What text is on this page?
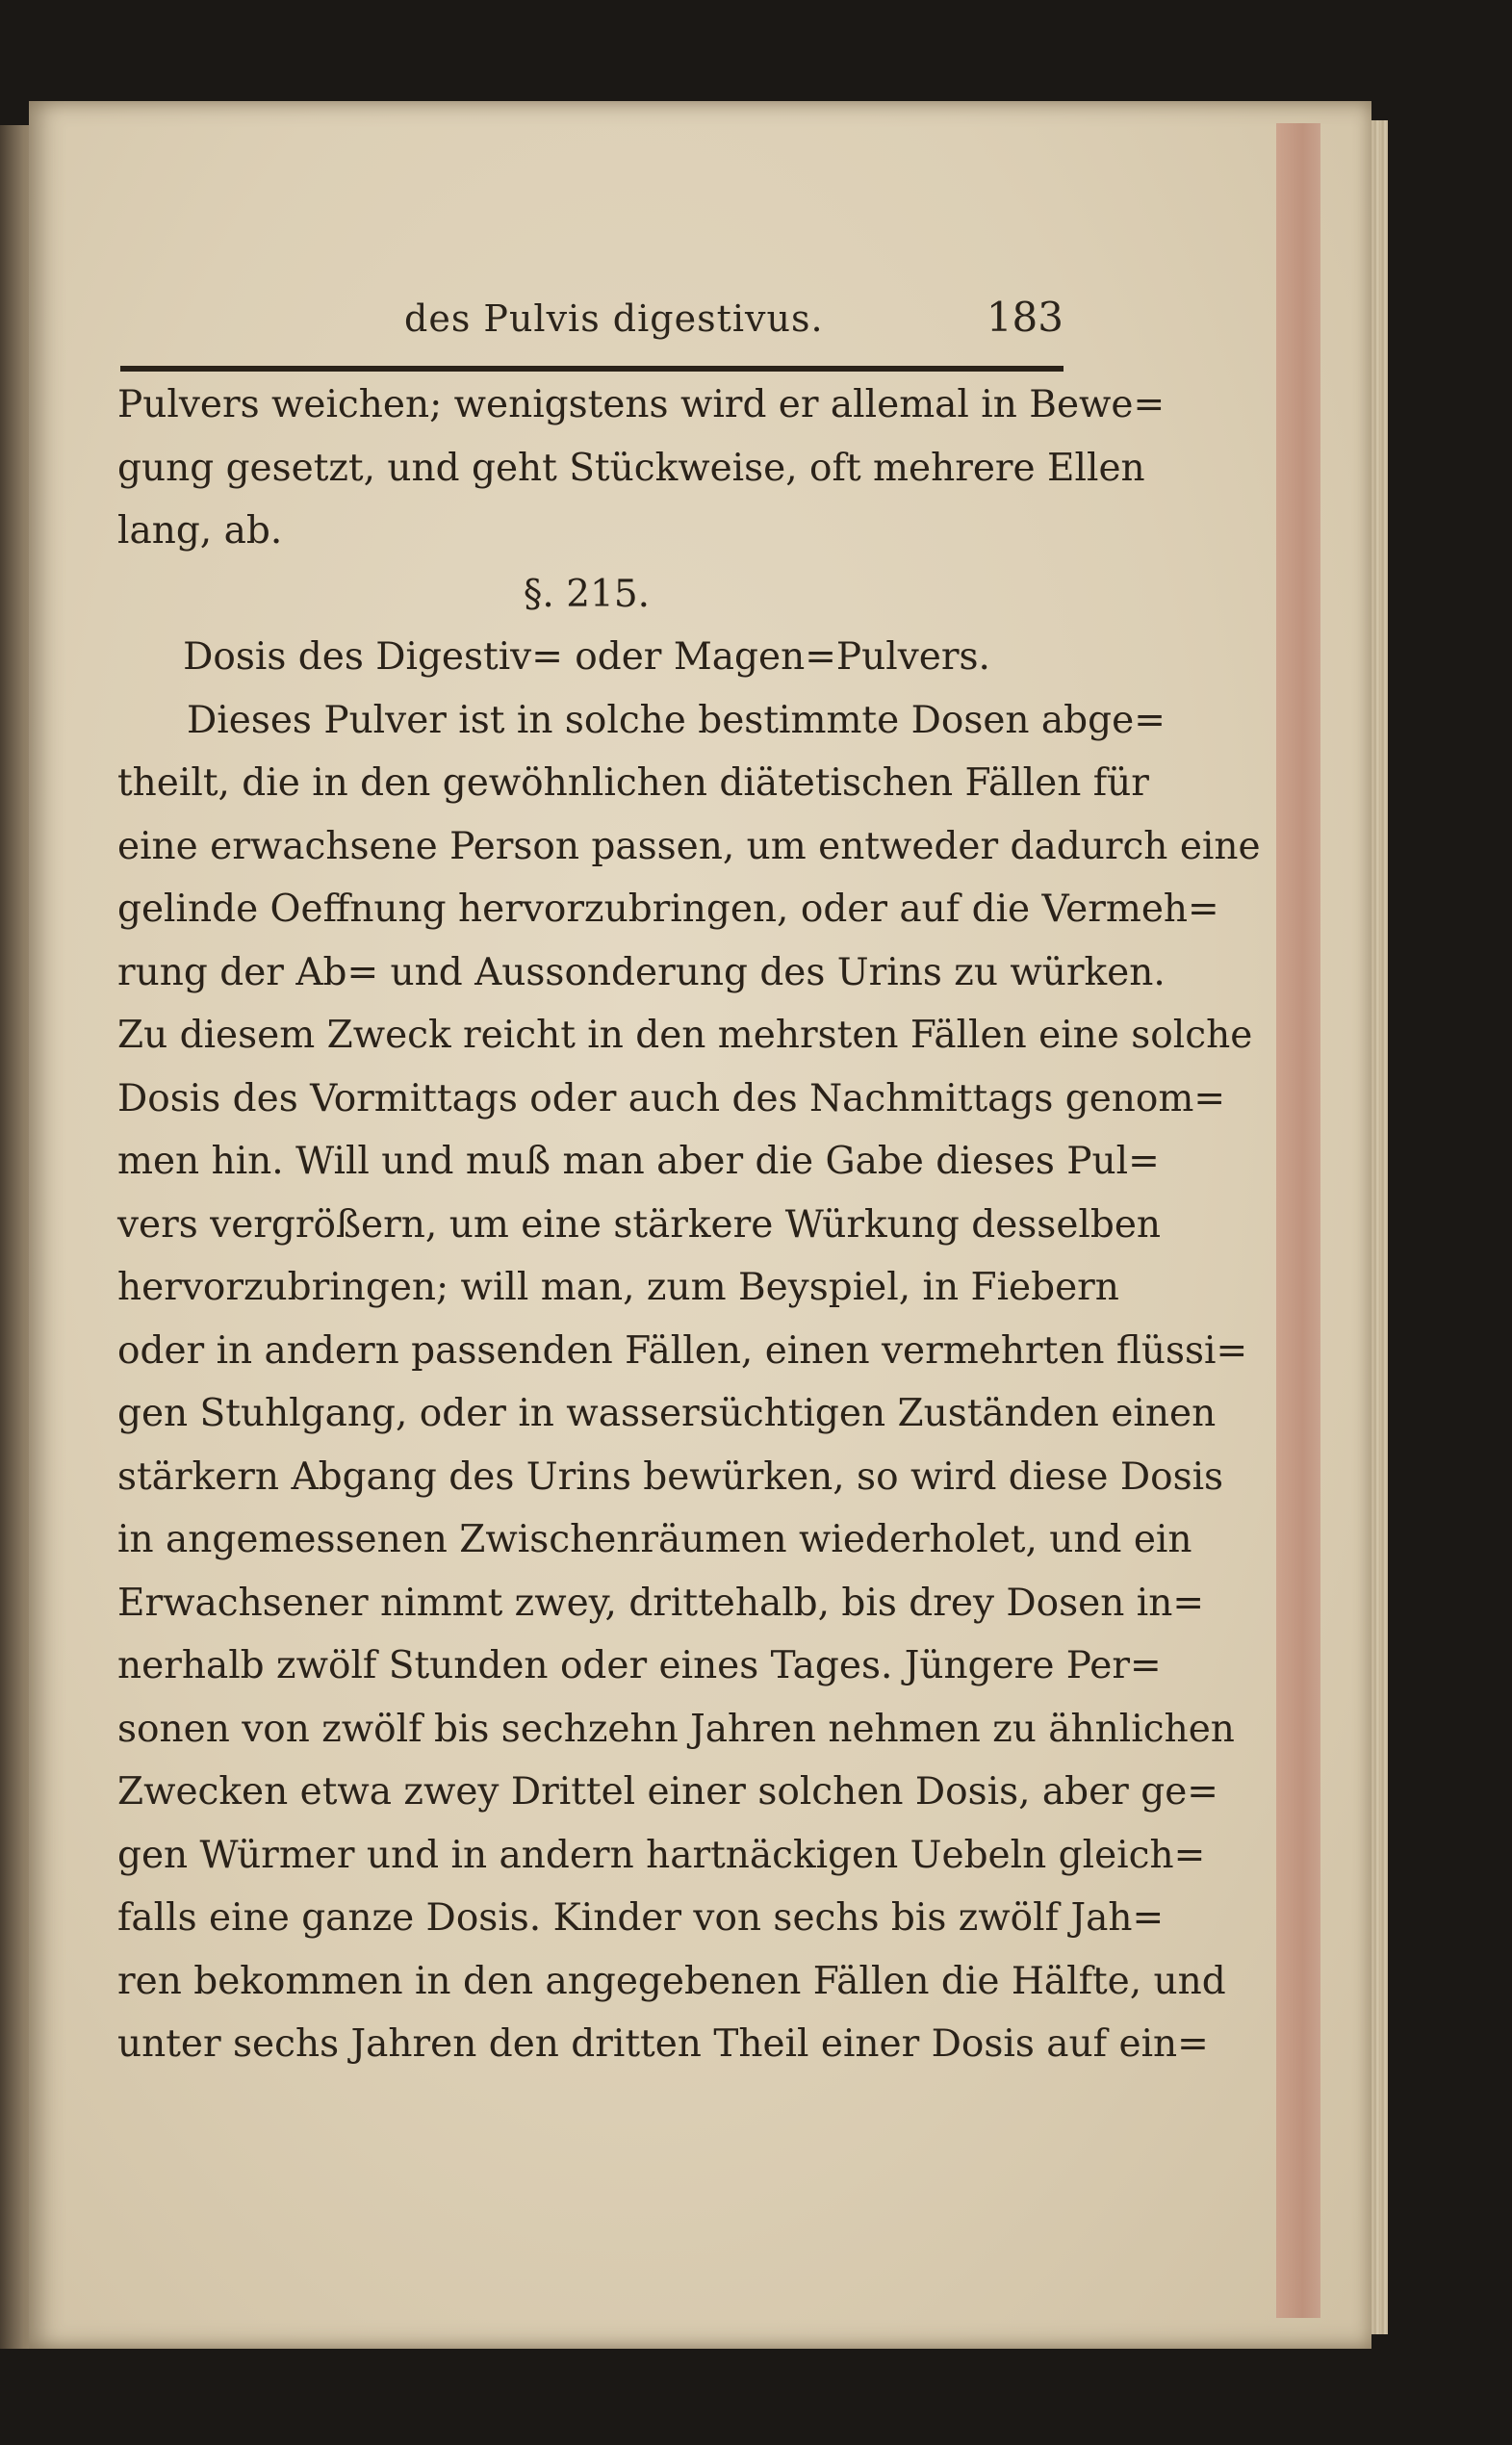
des Pulvis digestivus.	183
Pulvers weichen; wenigstens wird er allemal in Bewe=
gung gesetzt, und geht Stückweise, oft mehrere Ellen
lang, ab.
§. 215.
Dosis des Digestiv= oder Magen=Pulvers.
Dieses Pulver ist in solche bestimmte Dosen abge=
theilt, die in den gewöhnlichen diätetischen Fällen für
eine erwachsene Person passen, um entweder dadurch eine
gelinde Oeffnung hervorzubringen, oder auf die Vermeh=
rung der Ab= und Aussonderung des Urins zu würken.
Zu diesem Zweck reicht in den mehrsten Fällen eine solche
Dosis des Vormittags oder auch des Nachmittags genom=
men hin. Will und muß man aber die Gabe dieses Pul=
vers vergrößern, um eine stärkere Würkung desselben
hervorzubringen; will man, zum Beyspiel, in Fiebern
oder in andern passenden Fällen, einen vermehrten flüssi=
gen Stuhlgang, oder in wassersüchtigen Zuständen einen
stärkern Abgang des Urins bewürken, so wird diese Dosis
in angemessenen Zwischenräumen wiederholet, und ein
Erwachsener nimmt zwey, drittehalb, bis drey Dosen in=
nerhalb zwölf Stunden oder eines Tages. Jüngere Per=
sonen von zwölf bis sechzehn Jahren nehmen zu ähnlichen
Zwecken etwa zwey Drittel einer solchen Dosis, aber ge=
gen Würmer und in andern hartnäckigen Uebeln gleich=
falls eine ganze Dosis. Kinder von sechs bis zwölf Jah=
ren bekommen in den angegebenen Fällen die Hälfte, und
unter sechs Jahren den dritten Theil einer Dosis auf ein=
